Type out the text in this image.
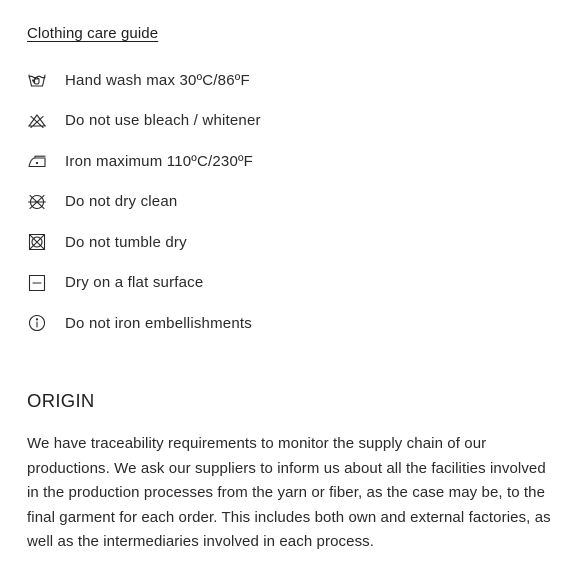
Clothing care guide
Hand wash max 30ºC/86ºF
Do not use bleach / whitener
Iron maximum 110ºC/230ºF
Do not dry clean
Do not tumble dry
Dry on a flat surface
Do not iron embellishments
ORIGIN

We have traceability requirements to monitor the supply chain of our productions. We ask our suppliers to inform us about all the facilities involved in the production processes from the yarn or fiber, as the case may be, to the final garment for each order. This includes both own and external factories, as well as the intermediaries involved in each process.
